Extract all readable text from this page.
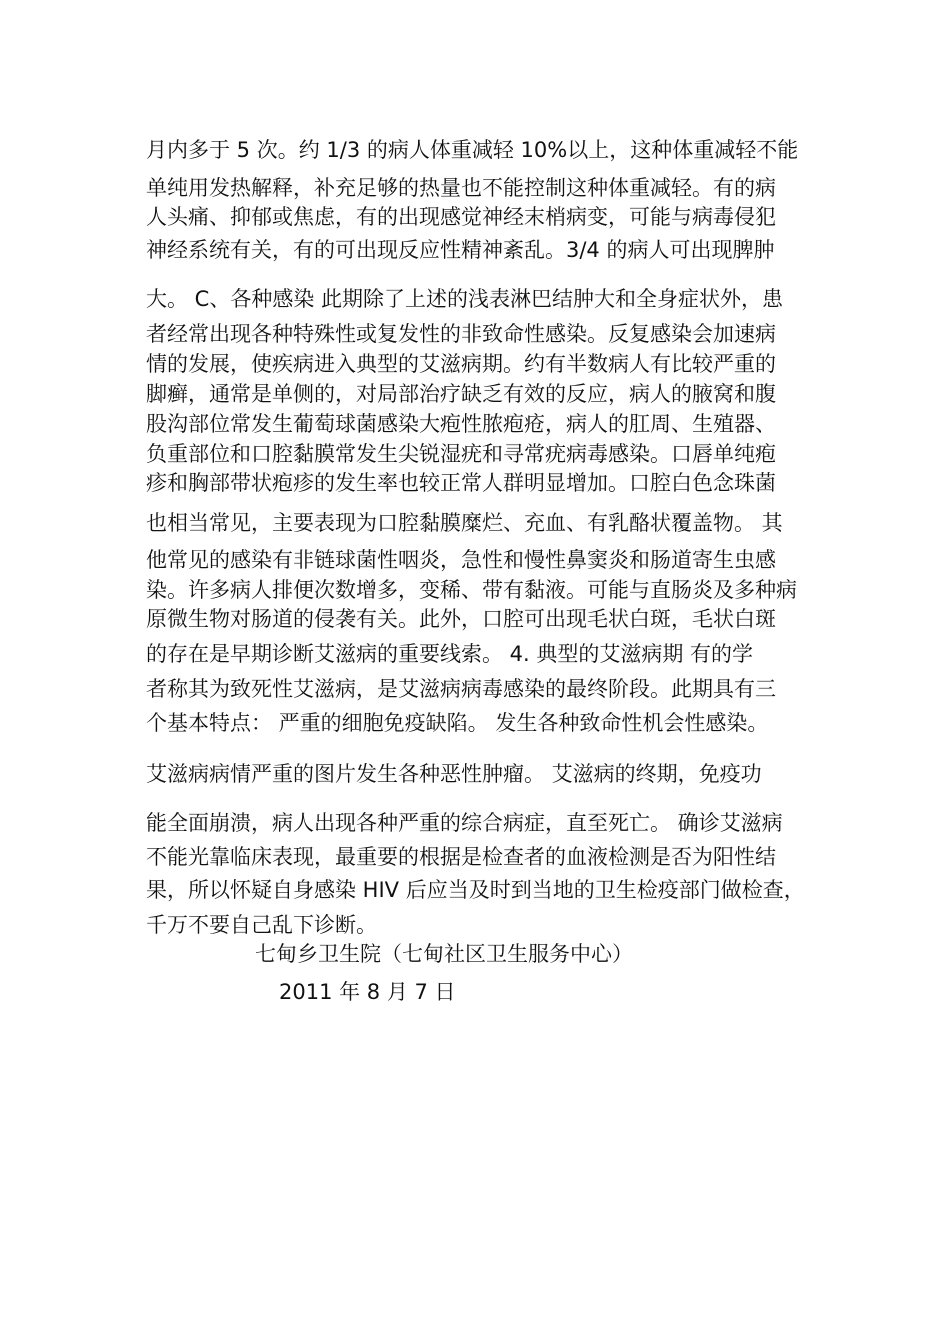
月内多于 5 次。约 1/3 的病人体重减轻 10%以上，这种体重减轻不能
单纯用发热解释，补充足够的热量也不能控制这种体重减轻。有的病
人头痛、抑郁或焦虑，有的出现感觉神经末梢病变，可能与病毒侵犯
神经系统有关，有的可出现反应性精神紊乱。3/4 的病人可出现脾肿
大。 C、各种感染 此期除了上述的浅表淋巴结肿大和全身症状外，患
者经常出现各种特殊性或复发性的非致命性感染。反复感染会加速病
情的发展，使疾病进入典型的艾滋病期。约有半数病人有比较严重的
脚癣，通常是单侧的，对局部治疗缺乏有效的反应，病人的腋窝和腹
股沟部位常发生葡萄球菌感染大疱性脓疱疮，病人的肛周、生殖器、
负重部位和口腔黏膜常发生尖锐湿疣和寻常疣病毒感染。口唇单纯疱
疹和胸部带状疱疹的发生率也较正常人群明显增加。口腔白色念珠菌
也相当常见，主要表现为口腔黏膜糜烂、充血、有乳酪状覆盖物。 其
他常见的感染有非链球菌性咽炎，急性和慢性鼻窦炎和肠道寄生虫感
染。许多病人排便次数增多，变稀、带有黏液。可能与直肠炎及多种病
原微生物对肠道的侵袭有关。此外，口腔可出现毛状白斑，毛状白斑
的存在是早期诊断艾滋病的重要线索。 4. 典型的艾滋病期 有的学
者称其为致死性艾滋病，是艾滋病病毒感染的最终阶段。此期具有三
个基本特点： 严重的细胞免疫缺陷。 发生各种致命性机会性感染。
艾滋病病情严重的图片发生各种恶性肿瘤。 艾滋病的终期，免疫功
能全面崩溃，病人出现各种严重的综合病症，直至死亡。 确诊艾滋病
不能光靠临床表现，最重要的根据是检查者的血液检测是否为阳性结
果，所以怀疑自身感染 HIV 后应当及时到当地的卫生检疫部门做检查，
千万不要自己乱下诊断。
七甸乡卫生院（七甸社区卫生服务中心）
2011 年 8 月 7 日
